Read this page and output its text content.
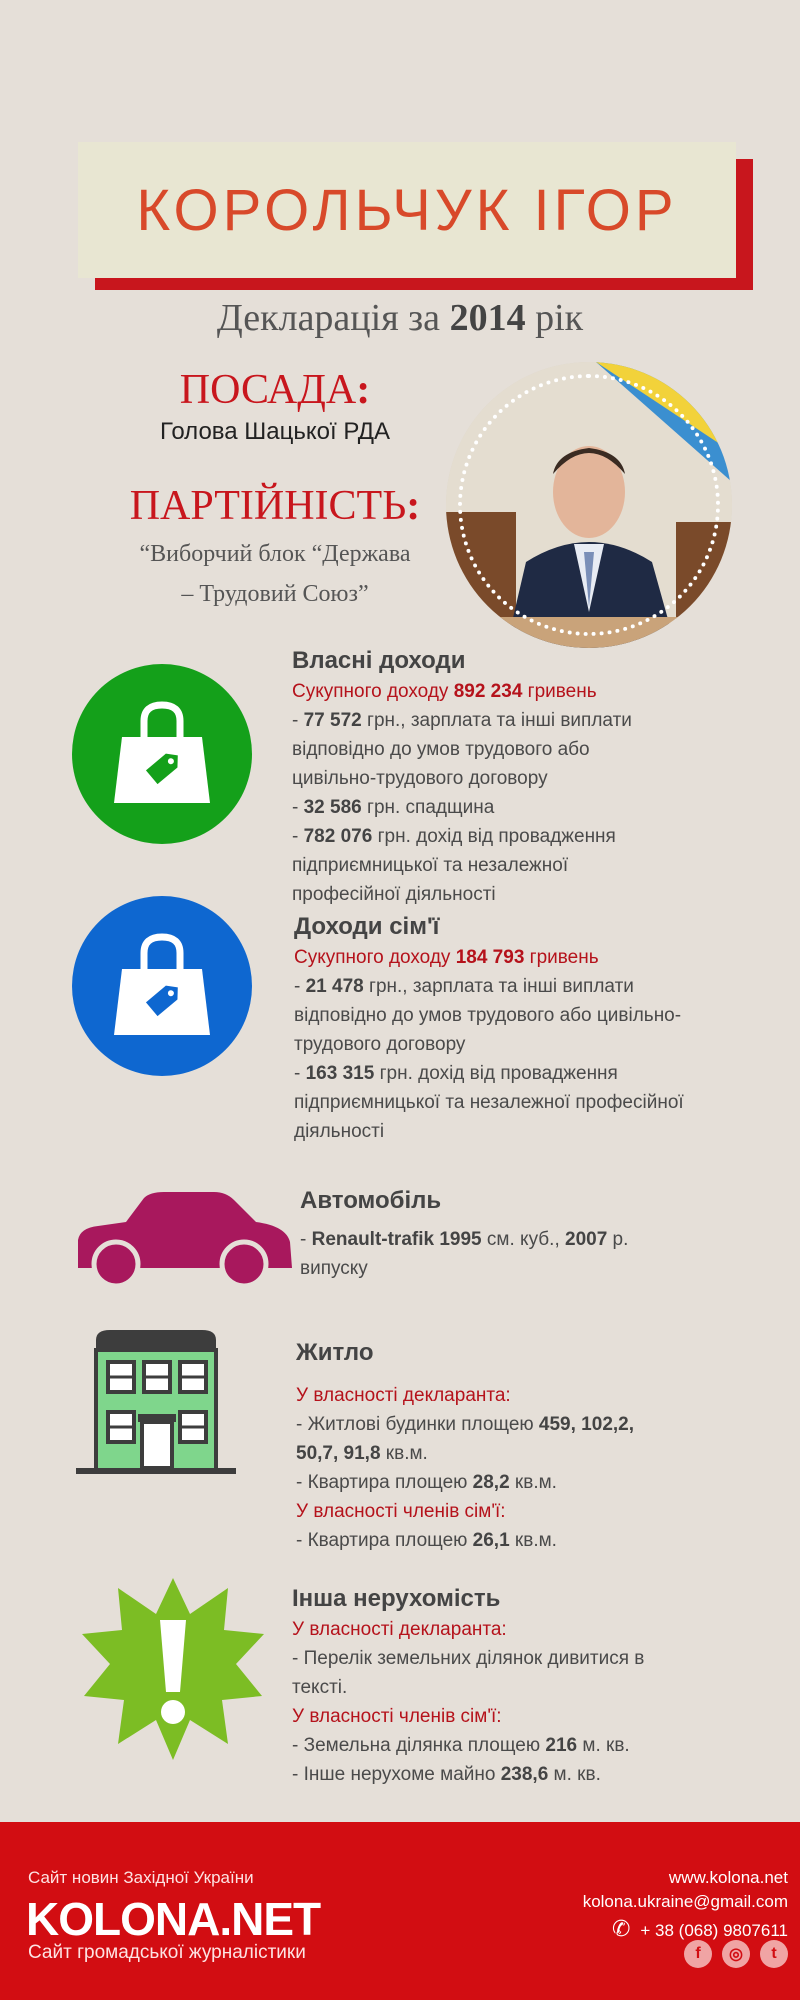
КОРОЛЬЧУК ІГОР
Декларація за 2014 рік
ПОСАДА:
Голова Шацької РДА
ПАРТІЙНІСТЬ:
“Виборчий блок “Держава
– Трудовий Союз”
Власні доходи
Сукупного доходу 892 234 гривень
- 77 572 грн., зарплата та інші виплати
відповідно до умов трудового або
цивільно-трудового договору
- 32 586 грн. спадщина
- 782 076 грн. дохід від провадження
підприємницької та незалежної
професійної діяльності
Доходи сім'ї
Сукупного доходу 184 793 гривень
- 21 478 грн., зарплата та інші виплати
відповідно до умов трудового або цивільно-
трудового договору
- 163 315 грн. дохід від провадження
підприємницької та незалежної професійної
діяльності
Автомобіль
- Renault-trafik 1995 см. куб., 2007 р.
випуску
Житло
У власності декларанта:
- Житлові будинки площею 459, 102,2,
50,7, 91,8 кв.м.
- Квартира площею 28,2 кв.м.
У власності членів сім'ї:
- Квартира площею 26,1 кв.м.
Інша нерухомість
У власності декларанта:
- Перелік земельних ділянок дивитися в
тексті.
У власності членів сім'ї:
- Земельна ділянка площею 216 м. кв.
- Інше нерухоме майно 238,6 м. кв.
Сайт новин Західної України
KOLONA.NET
Сайт громадської журналістики
www.kolona.net
kolona.ukraine@gmail.com
✆ + 38 (068) 9807611
f	◎	t
